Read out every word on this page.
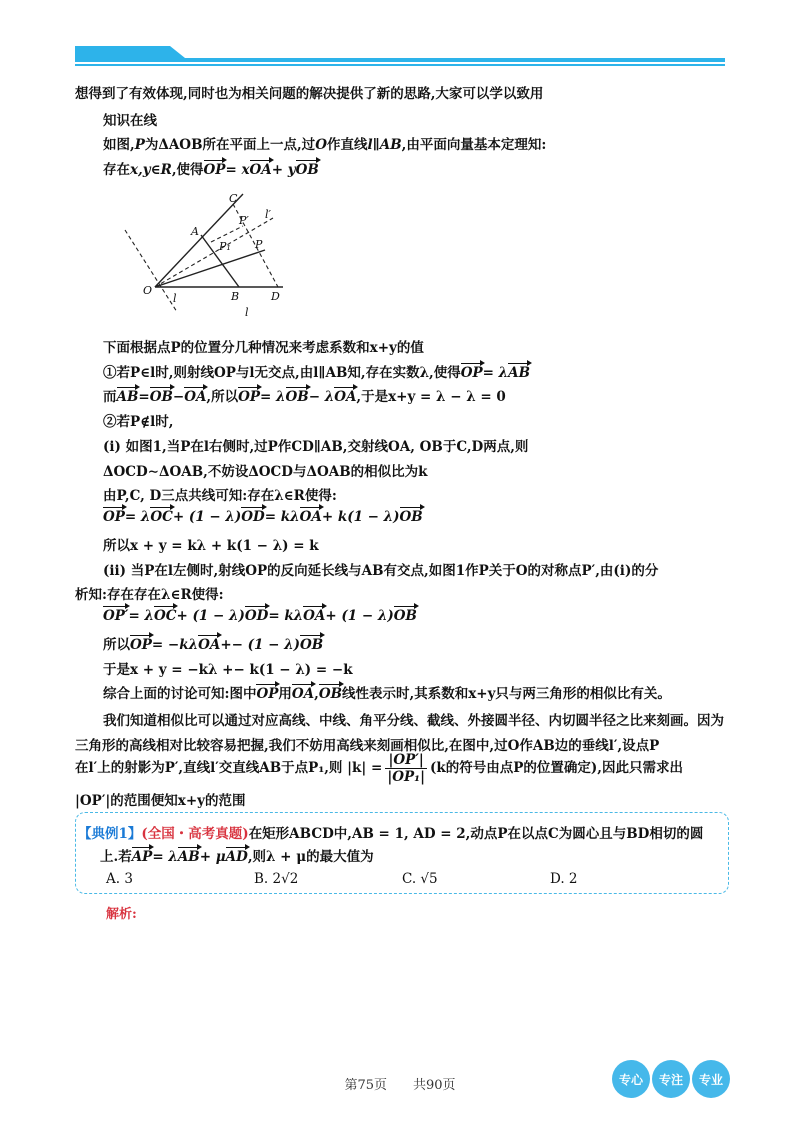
想得到了有效体现,同时也为相关问题的解决提供了新的思路,大家可以学以致用
知识在线
如图,P为ΔAOB所在平面上一点,过O作直线l∥AB,由平面向量基本定理知:
存在x,y∈R,使得OP= xOA+ yOB
下面根据点P的位置分几种情况来考虑系数和x+y的值
①若P∈l时,则射线OP与l无交点,由l∥AB知,存在实数λ,使得OP= λAB
而AB=OB−OA,所以OP= λOB− λOA,于是x+y = λ − λ = 0
②若P∉l时,
(i) 如图1,当P在l右侧时,过P作CD∥AB,交射线OA, OB于C,D两点,则
ΔOCD∼ΔOAB,不妨设ΔOCD与ΔOAB的相似比为k
由P,C, D三点共线可知:存在λ∈R使得:
OP= λOC+ (1 − λ)OD= kλOA+ k(1 − λ)OB
所以x + y = kλ + k(1 − λ) = k
(ii) 当P在l左侧时,射线OP的反向延长线与AB有交点,如图1作P关于O的对称点P′,由(i)的分
析知:存在存在λ∈R使得:
OP′= λOC+ (1 − λ)OD= kλOA+ (1 − λ)OB
所以OP= −kλOA+− (1 − λ)OB
于是x + y = −kλ +− k(1 − λ) = −k
综合上面的讨论可知:图中OP用OA,OB线性表示时,其系数和x+y只与两三角形的相似比有关。
我们知道相似比可以通过对应高线、中线、角平分线、截线、外接圆半径、内切圆半径之比来刻画。因为
三角形的高线相对比较容易把握,我们不妨用高线来刻画相似比,在图中,过O作AB边的垂线l′,设点P
在l′上的射影为P′,直线l′交直线AB于点P₁,则 $|k| = \frac{|OP'|}{\text{|OP₁|}} (k$的符号由点P的位置确定),因此只需求出
|OP′|的范围便知x+y的范围
C
A
P′ l′
P₁ P
O	B	D
l
l
【典例1】(全国・高考真题)在矩形ABCD中,AB = 1, AD = 2,动点P在以点C为圆心且与BD相切的圆
上.若AP= λAB+ μAD,则λ + μ的最大值为
A. 3	B. 2√2	C. √5	D. 2
解析:
第75页　　共90页	专心	专注	专业
